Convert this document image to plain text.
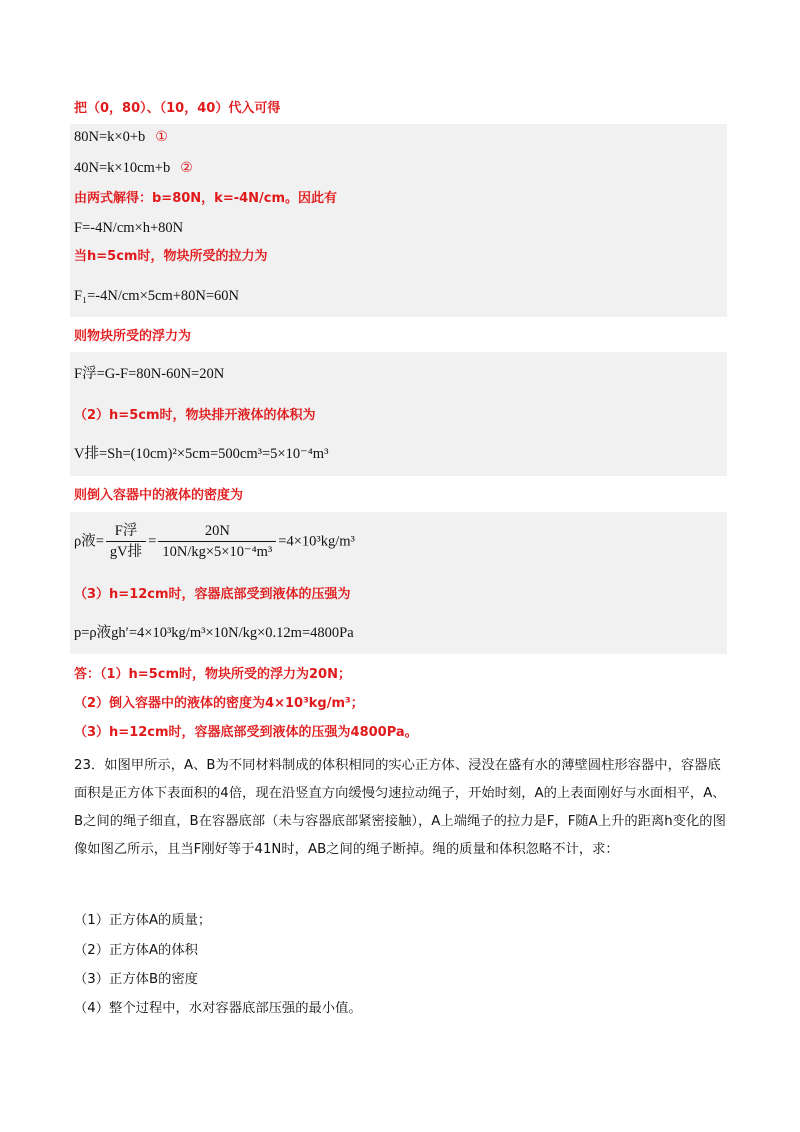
把（0，80）、（10，40）代入可得
80N=k×0+b ①
40N=k×10cm+b ②
由两式解得：b=80N，k=-4N/cm。因此有
F=-4N/cm×h+80N
当h=5cm时，物块所受的拉力为
F₁=-4N/cm×5cm+80N=60N
则物块所受的浮力为
F浮=G-F=80N-60N=20N
（2）h=5cm时，物块排开液体的体积为
V排=Sh=(10cm)²×5cm=500cm³=5×10⁻⁴m³
则倒入容器中的液体的密度为
ρ液= $\frac{\text{F浮}}{\text{gV排}} = \frac{20N}{\text{10N/kg×5×10⁻⁴m³}} =4\times 10^3kg/m^3$
（3）h=12cm时，容器底部受到液体的压强为
p=ρ液gh′=4×10³kg/m³×10N/kg×0.12m=4800Pa
答：（1）h=5cm时，物块所受的浮力为20N；
（2）倒入容器中的液体的密度为4×10³kg/m³；
（3）h=12cm时，容器底部受到液体的压强为4800Pa。
23．如图甲所示，A、B为不同材料制成的体积相同的实心正方体、浸没在盛有水的薄壁圆柱形容器中，容器底面积是正方体下表面积的4倍，现在沿竖直方向缓慢匀速拉动绳子，开始时刻，A的上表面刚好与水面相平，A、B之间的绳子细直，B在容器底部（未与容器底部紧密接触），A上端绳子的拉力是F，F随A上升的距离h变化的图像如图乙所示，且当F刚好等于41N时，AB之间的绳子断掉。绳的质量和体积忽略不计，求：
（1）正方体A的质量；
（2）正方体A的体积
（3）正方体B的密度
（4）整个过程中，水对容器底部压强的最小值。
